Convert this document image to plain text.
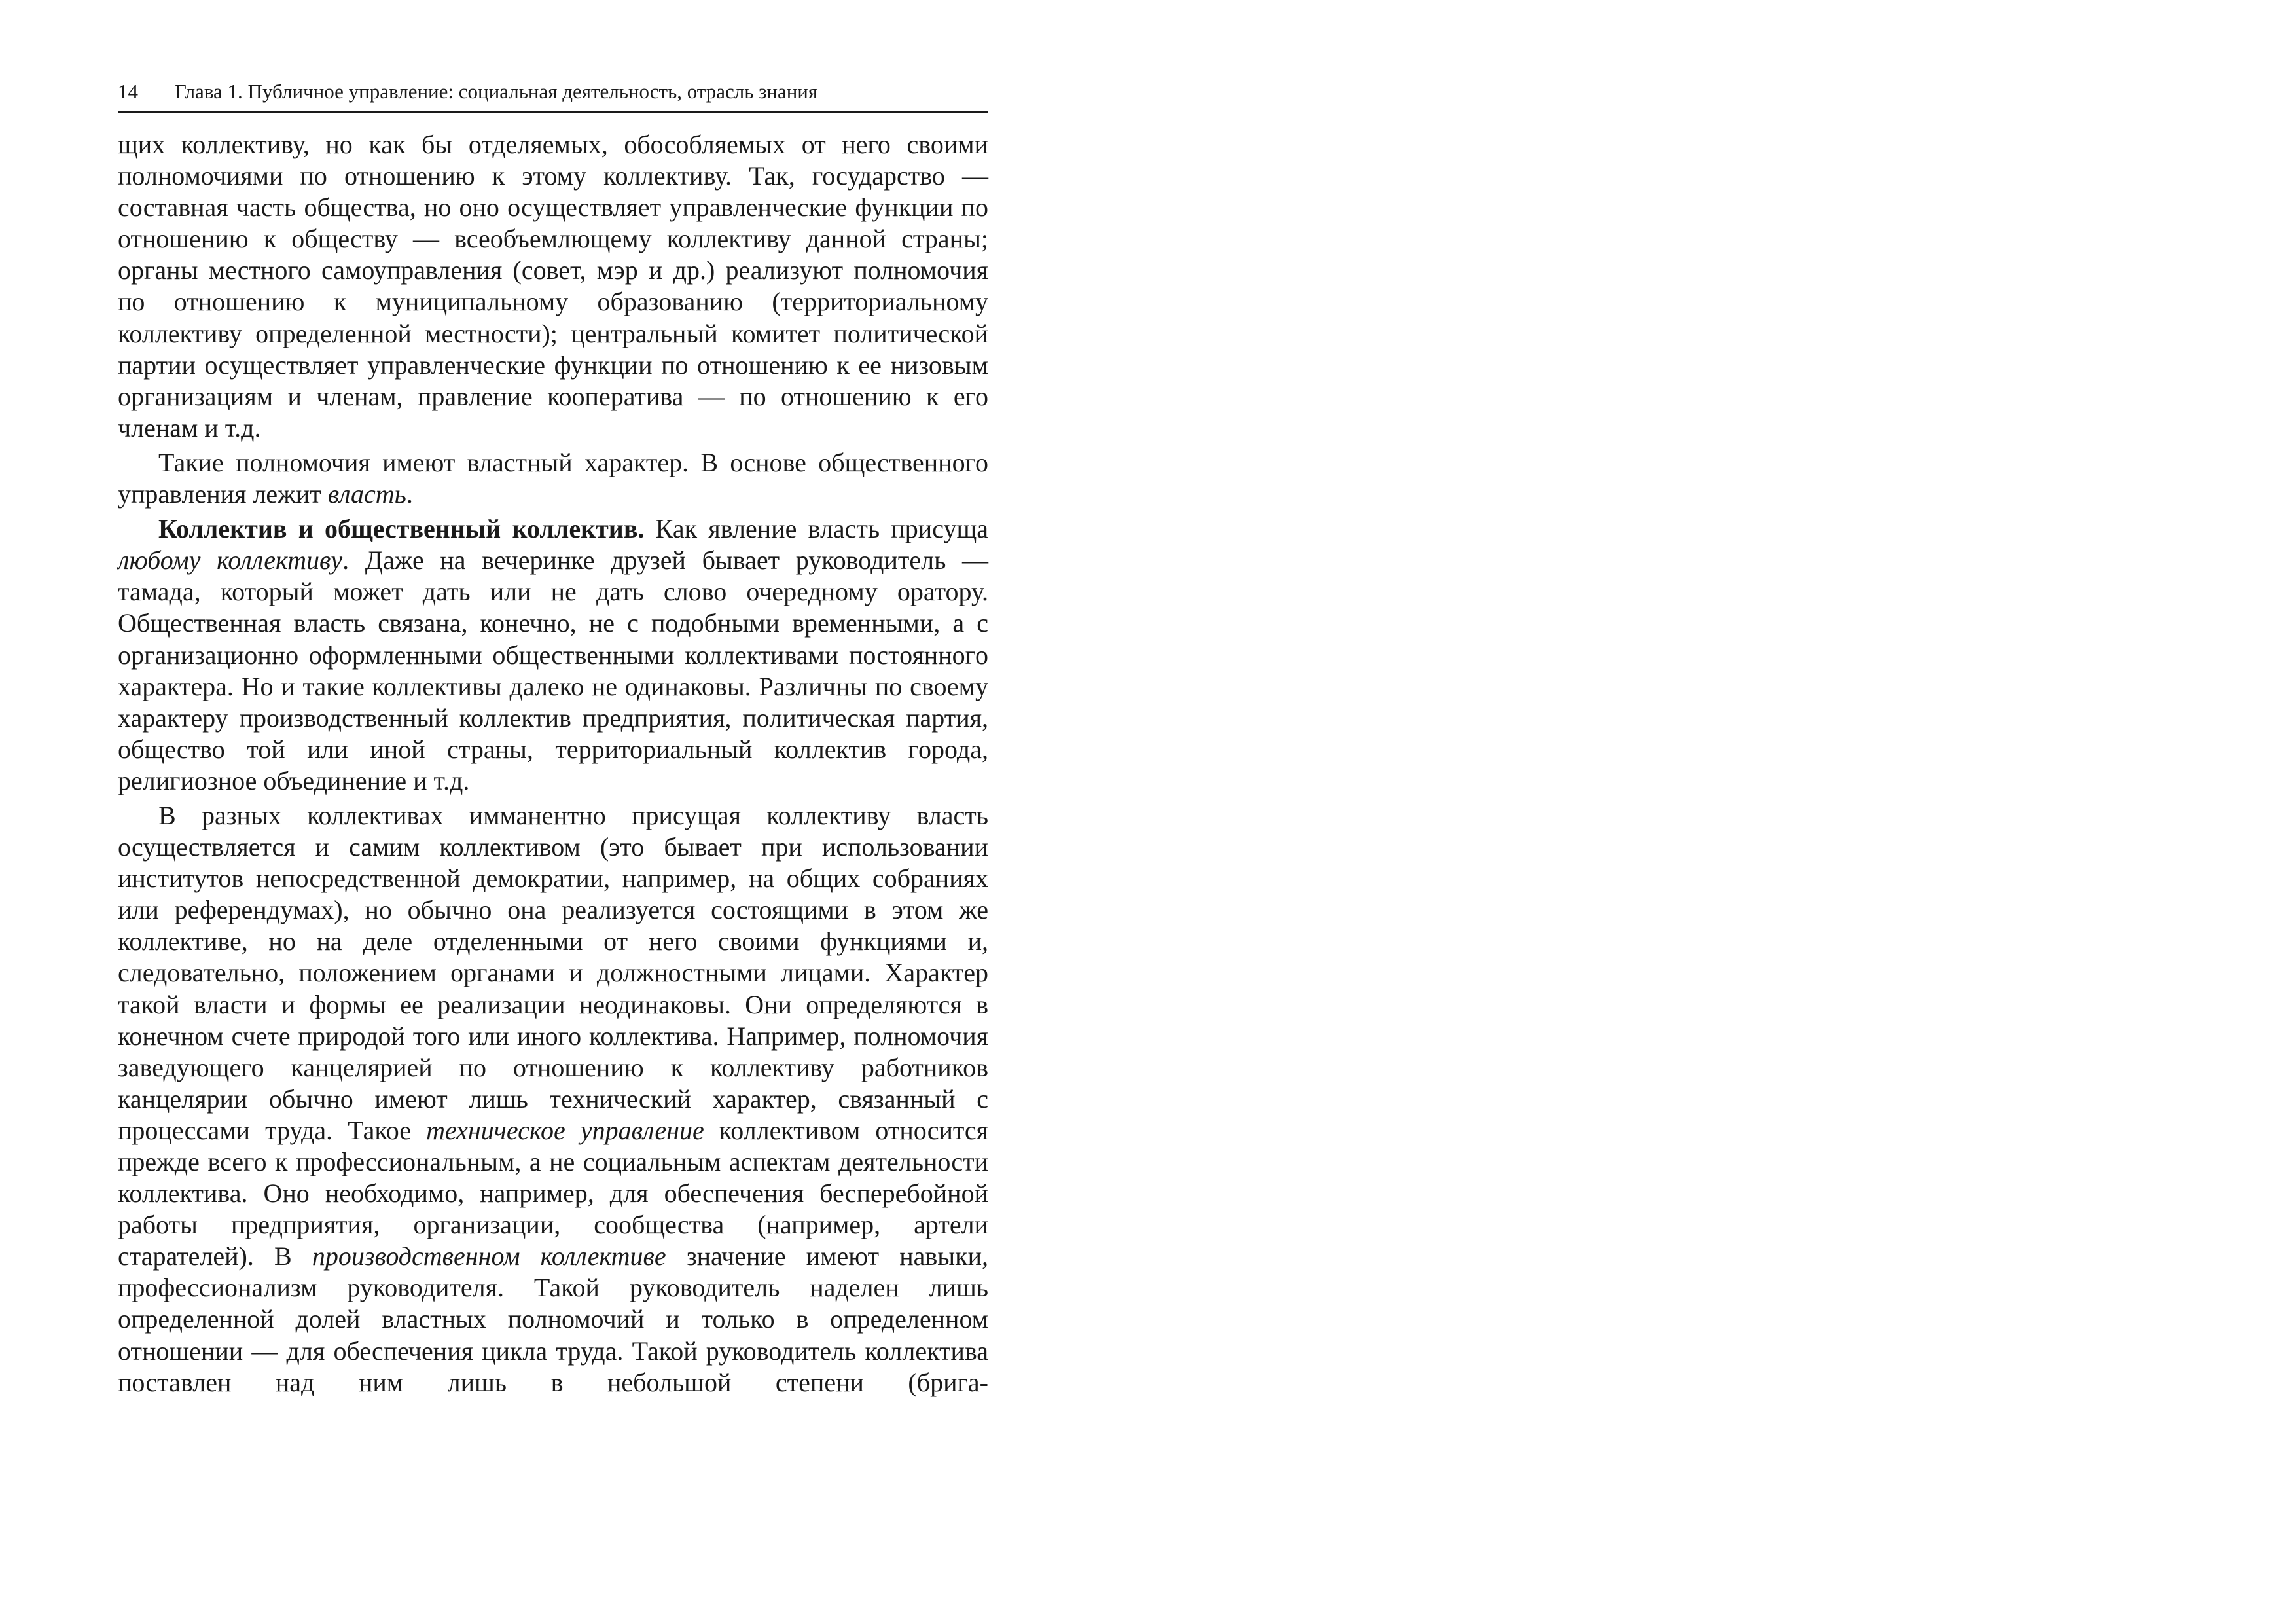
14 Глава 1. Публичное управление: социальная деятельность, отрасль знания

щих коллективу, но как бы отделяемых, обособляемых от него своими полномочиями по отношению к этому коллективу. Так, государство — составная часть общества, но оно осуществляет управленческие функции по отношению к обществу — всеобъемлющему коллективу данной страны; органы местного самоуправления (совет, мэр и др.) реализуют полномочия по отношению к муниципальному образованию (территориальному коллективу определенной местности); центральный комитет политической партии осуществляет управленческие функции по отношению к ее низовым организациям и членам, правление кооператива — по отношению к его членам и т.д.

Такие полномочия имеют властный характер. В основе общественного управления лежит власть.

Коллектив и общественный коллектив. Как явление власть присуща любому коллективу. Даже на вечеринке друзей бывает руководитель — тамада, который может дать или не дать слово очередному оратору. Общественная власть связана, конечно, не с подобными временными, а с организационно оформленными общественными коллективами постоянного характера. Но и такие коллективы далеко не одинаковы. Различны по своему характеру производственный коллектив предприятия, политическая партия, общество той или иной страны, территориальный коллектив города, религиозное объединение и т.д.

В разных коллективах имманентно присущая коллективу власть осуществляется и самим коллективом (это бывает при использовании институтов непосредственной демократии, например, на общих собраниях или референдумах), но обычно она реализуется состоящими в этом же коллективе, но на деле отделенными от него своими функциями и, следовательно, положением органами и должностными лицами. Характер такой власти и формы ее реализации неодинаковы. Они определяются в конечном счете природой того или иного коллектива. Например, полномочия заведующего канцелярией по отношению к коллективу работников канцелярии обычно имеют лишь технический характер, связанный с процессами труда. Такое техническое управление коллективом относится прежде всего к профессиональным, а не социальным аспектам деятельности коллектива. Оно необходимо, например, для обеспечения бесперебойной работы предприятия, организации, сообщества (например, артели старателей). В производственном коллективе значение имеют навыки, профессионализм руководителя. Такой руководитель наделен лишь определенной долей властных полномочий и только в определенном отношении — для обеспечения цикла труда. Такой руководитель коллектива поставлен над ним лишь в небольшой степени (брига-
